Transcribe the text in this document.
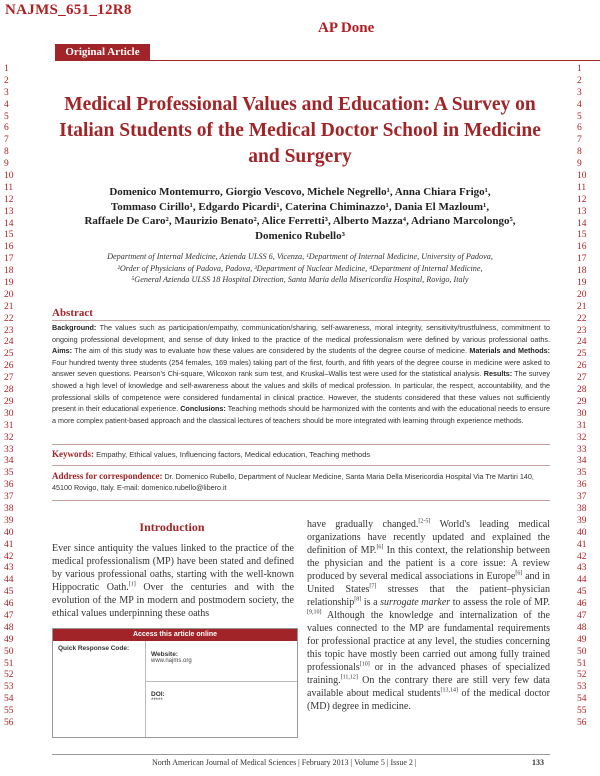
NAJMS_651_12R8
AP Done
Original Article
1
2
3
4
5
6
7
8
9
10
11
12
13
14
15
16
17
18
19
20
21
22
23
24
25
26
27
28
29
30
31
32
33
34
35
36
37
38
39
40
41
42
43
44
45
46
47
48
49
50
51
52
53
54
55
56
1
2
3
4
5
6
7
8
9
10
11
12
13
14
15
16
17
18
19
20
21
22
23
24
25
26
27
28
29
30
31
32
33
34
35
36
37
38
39
40
41
42
43
44
45
46
47
48
49
50
51
52
53
54
55
56
Medical Professional Values and Education: A Survey on Italian Students of the Medical Doctor School in Medicine and Surgery
Domenico Montemurro, Giorgio Vescovo, Michele Negrello¹, Anna Chiara Frigo¹,
Tommaso Cirillo¹, Edgardo Picardi¹, Caterina Chiminazzo¹, Dania El Mazloum¹,
Raffaele De Caro², Maurizio Benato², Alice Ferretti³, Alberto Mazza⁴, Adriano Marcolongo⁵,
Domenico Rubello³
Department of Internal Medicine, Azienda ULSS 6, Vicenza, ¹Department of Internal Medicine, University of Padova,
²Order of Physicians of Padova, Padova, ³Department of Nuclear Medicine, ⁴Department of Internal Medicine,
⁵General Azienda ULSS 18 Hospital Direction, Santa Maria della Misericordia Hospital, Rovigo, Italy
Abstract
Background: The values such as participation/empathy, communication/sharing, self-awareness, moral integrity, sensitivity/trustfulness, commitment to ongoing professional development, and sense of duty linked to the practice of the medical professionalism were defined by various professional oaths. Aims: The aim of this study was to evaluate how these values are considered by the students of the degree course of medicine. Materials and Methods: Four hundred twenty three students (254 females, 169 males) taking part of the first, fourth, and fifth years of the degree course in medicine were asked to answer seven questions. Pearson's Chi-square, Wilcoxon rank sum test, and Kruskal–Wallis test were used for the statistical analysis. Results: The survey showed a high level of knowledge and self-awareness about the values and skills of medical profession. In particular, the respect, accountability, and the professional skills of competence were considered fundamental in clinical practice. However, the students considered that these values not sufficiently present in their educational experience. Conclusions: Teaching methods should be harmonized with the contents and with the educational needs to ensure a more complex patient-based approach and the classical lectures of teachers should be more integrated with learning through experience methods.
Keywords: Empathy, Ethical values, Influencing factors, Medical education, Teaching methods
Address for correspondence: Dr. Domenico Rubello, Department of Nuclear Medicine, Santa Maria Della Misericordia Hospital Via Tre Martiri 140, 45100 Rovigo, Italy. E-mail: domenico.rubello@libero.it
Introduction
Ever since antiquity the values linked to the practice of the medical professionalism (MP) have been stated and defined by various professional oaths, starting with the well-known Hippocratic Oath.[1] Over the centuries and with the evolution of the MP in modern and postmodern society, the ethical values underpinning these oaths
Access this article online
Quick Response Code:
Website:
www.najms.org
DOI:
*****
have gradually changed.[2-5] World's leading medical organizations have recently updated and explained the definition of MP.[6] In this context, the relationship between the physician and the patient is a core issue: A review produced by several medical associations in Europe[6] and in United States[7] stresses that the patient–physician relationship[8] is a surrogate marker to assess the role of MP.[9,10] Although the knowledge and internalization of the values connected to the MP are fundamental requirements for professional practice at any level, the studies concerning this topic have mostly been carried out among fully trained professionals[10] or in the advanced phases of specialized training.[11,12] On the contrary there are still very few data available about medical students[13,14] of the medical doctor (MD) degree in medicine.
North American Journal of Medical Sciences | February 2013 | Volume 5 | Issue 2 |	133
